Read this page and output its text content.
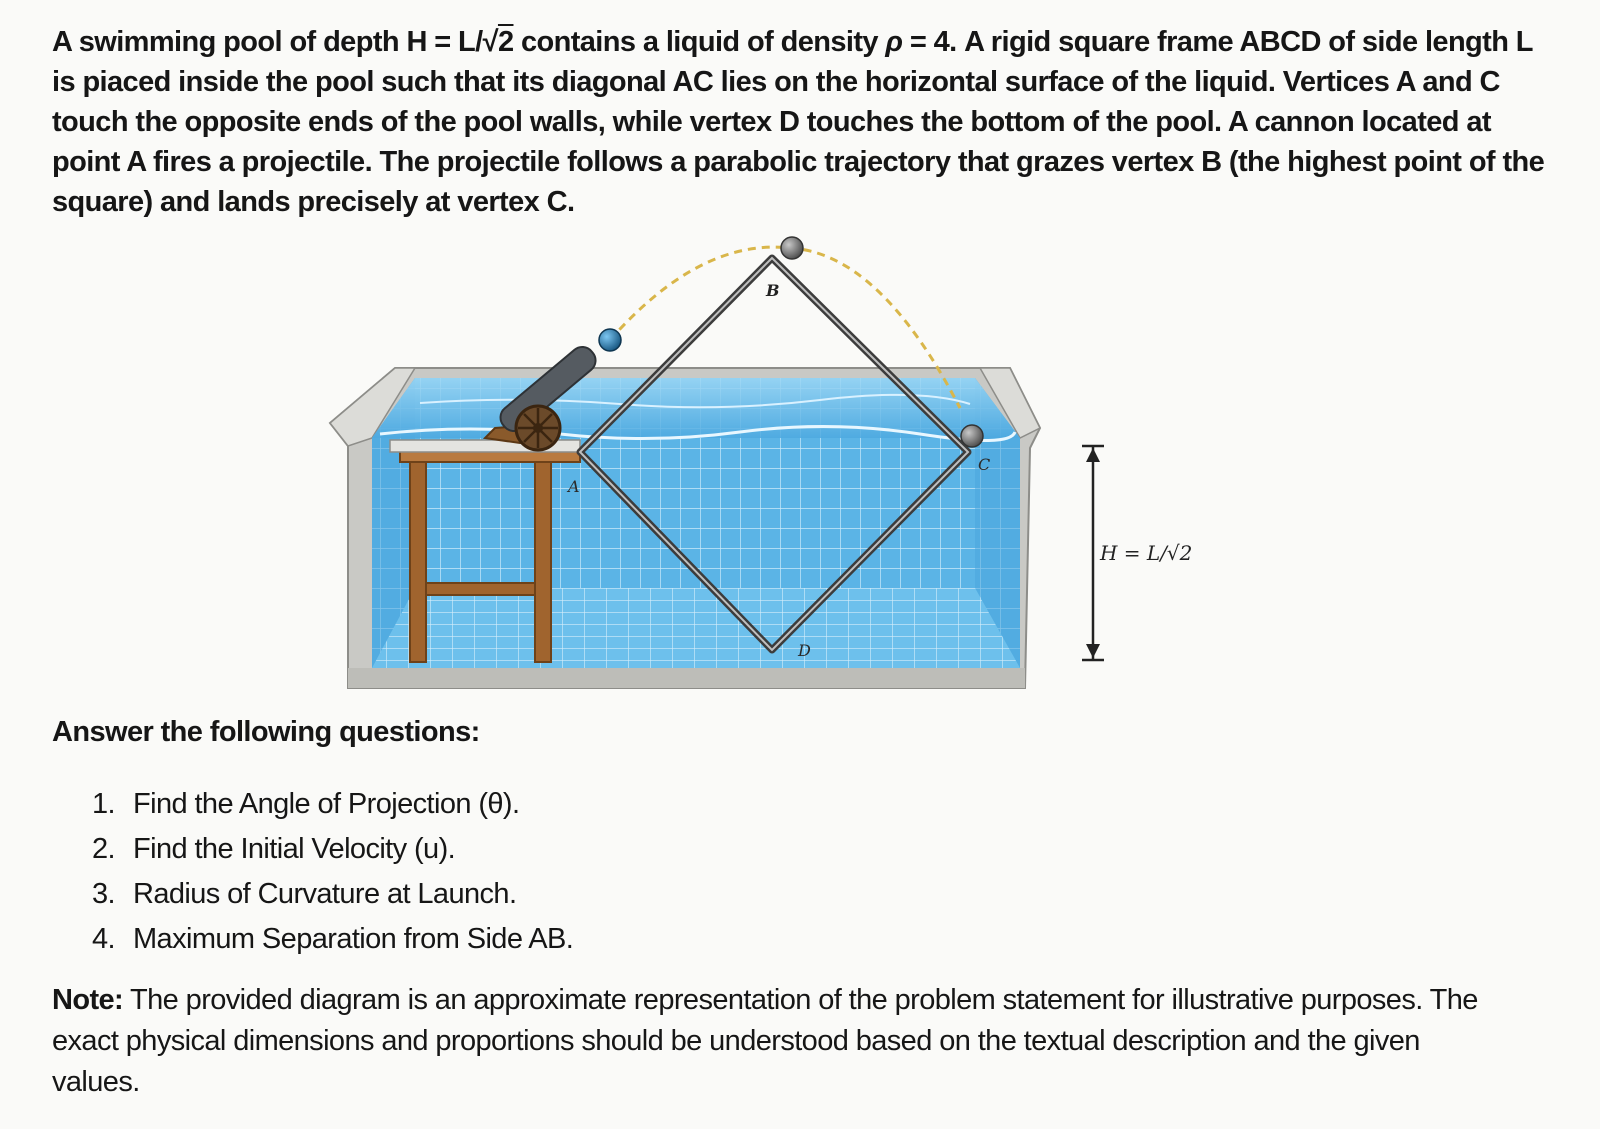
A swimming pool of depth H = L/√2 contains a liquid of density ρ = 4. A rigid square frame ABCD of side length L is piaced inside the pool such that its diagonal AC lies on the horizontal surface of the liquid. Vertices A and C touch the opposite ends of the pool walls, while vertex D touches the bottom of the pool. A cannon located at point A fires a projectile. The projectile follows a parabolic trajectory that grazes vertex B (the highest point of the square) and lands precisely at vertex C.
B
A
C
D
H = L/√2
Answer the following questions:
1. Find the Angle of Projection (θ).
2. Find the Initial Velocity (u).
3. Radius of Curvature at Launch.
4. Maximum Separation from Side AB.
Note: The provided diagram is an approximate representation of the problem statement for illustrative purposes. The exact physical dimensions and proportions should be understood based on the textual description and the given values.
